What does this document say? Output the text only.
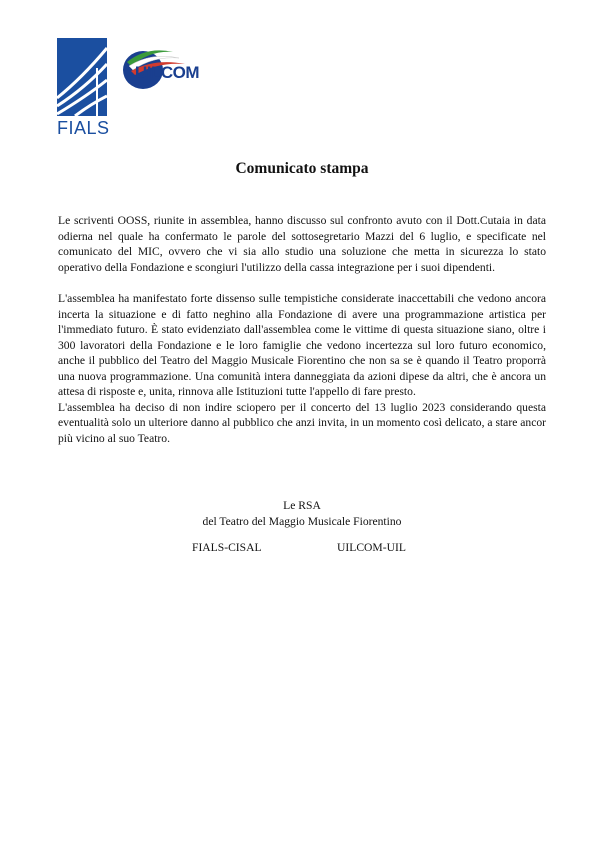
FIALS
UILCOM
Comunicato stampa

Le scriventi OOSS, riunite in assemblea, hanno discusso sul confronto avuto con il Dott.Cutaia in data odierna nel quale ha confermato le parole del sottosegretario Mazzi del 6 luglio, e specificate nel comunicato del MIC, ovvero che vi sia allo studio una soluzione che metta in sicurezza lo stato operativo della Fondazione e scongiuri l'utilizzo della cassa integrazione per i suoi dipendenti.

L'assemblea ha manifestato forte dissenso sulle tempistiche considerate inaccettabili che vedono ancora incerta la situazione e di fatto neghino alla Fondazione di avere una programmazione artistica per l'immediato futuro. È stato evidenziato dall'assemblea come le vittime di questa situazione siano, oltre i 300 lavoratori della Fondazione e le loro famiglie che vedono incertezza sul loro futuro economico, anche il pubblico del Teatro del Maggio Musicale Fiorentino che non sa se è quando il Teatro proporrà una nuova programmazione. Una comunità intera danneggiata da azioni dipese da altri, che è ancora un attesa di risposte e, unita, rinnova alle Istituzioni tutte l'appello di fare presto.

L'assemblea ha deciso di non indire sciopero per il concerto del 13 luglio 2023 considerando questa eventualità solo un ulteriore danno al pubblico che anzi invita, in un momento così delicato, a stare ancor più vicino al suo Teatro.

Le RSA
del Teatro del Maggio Musicale Fiorentino
FIALS-CISAL	UILCOM-UIL
